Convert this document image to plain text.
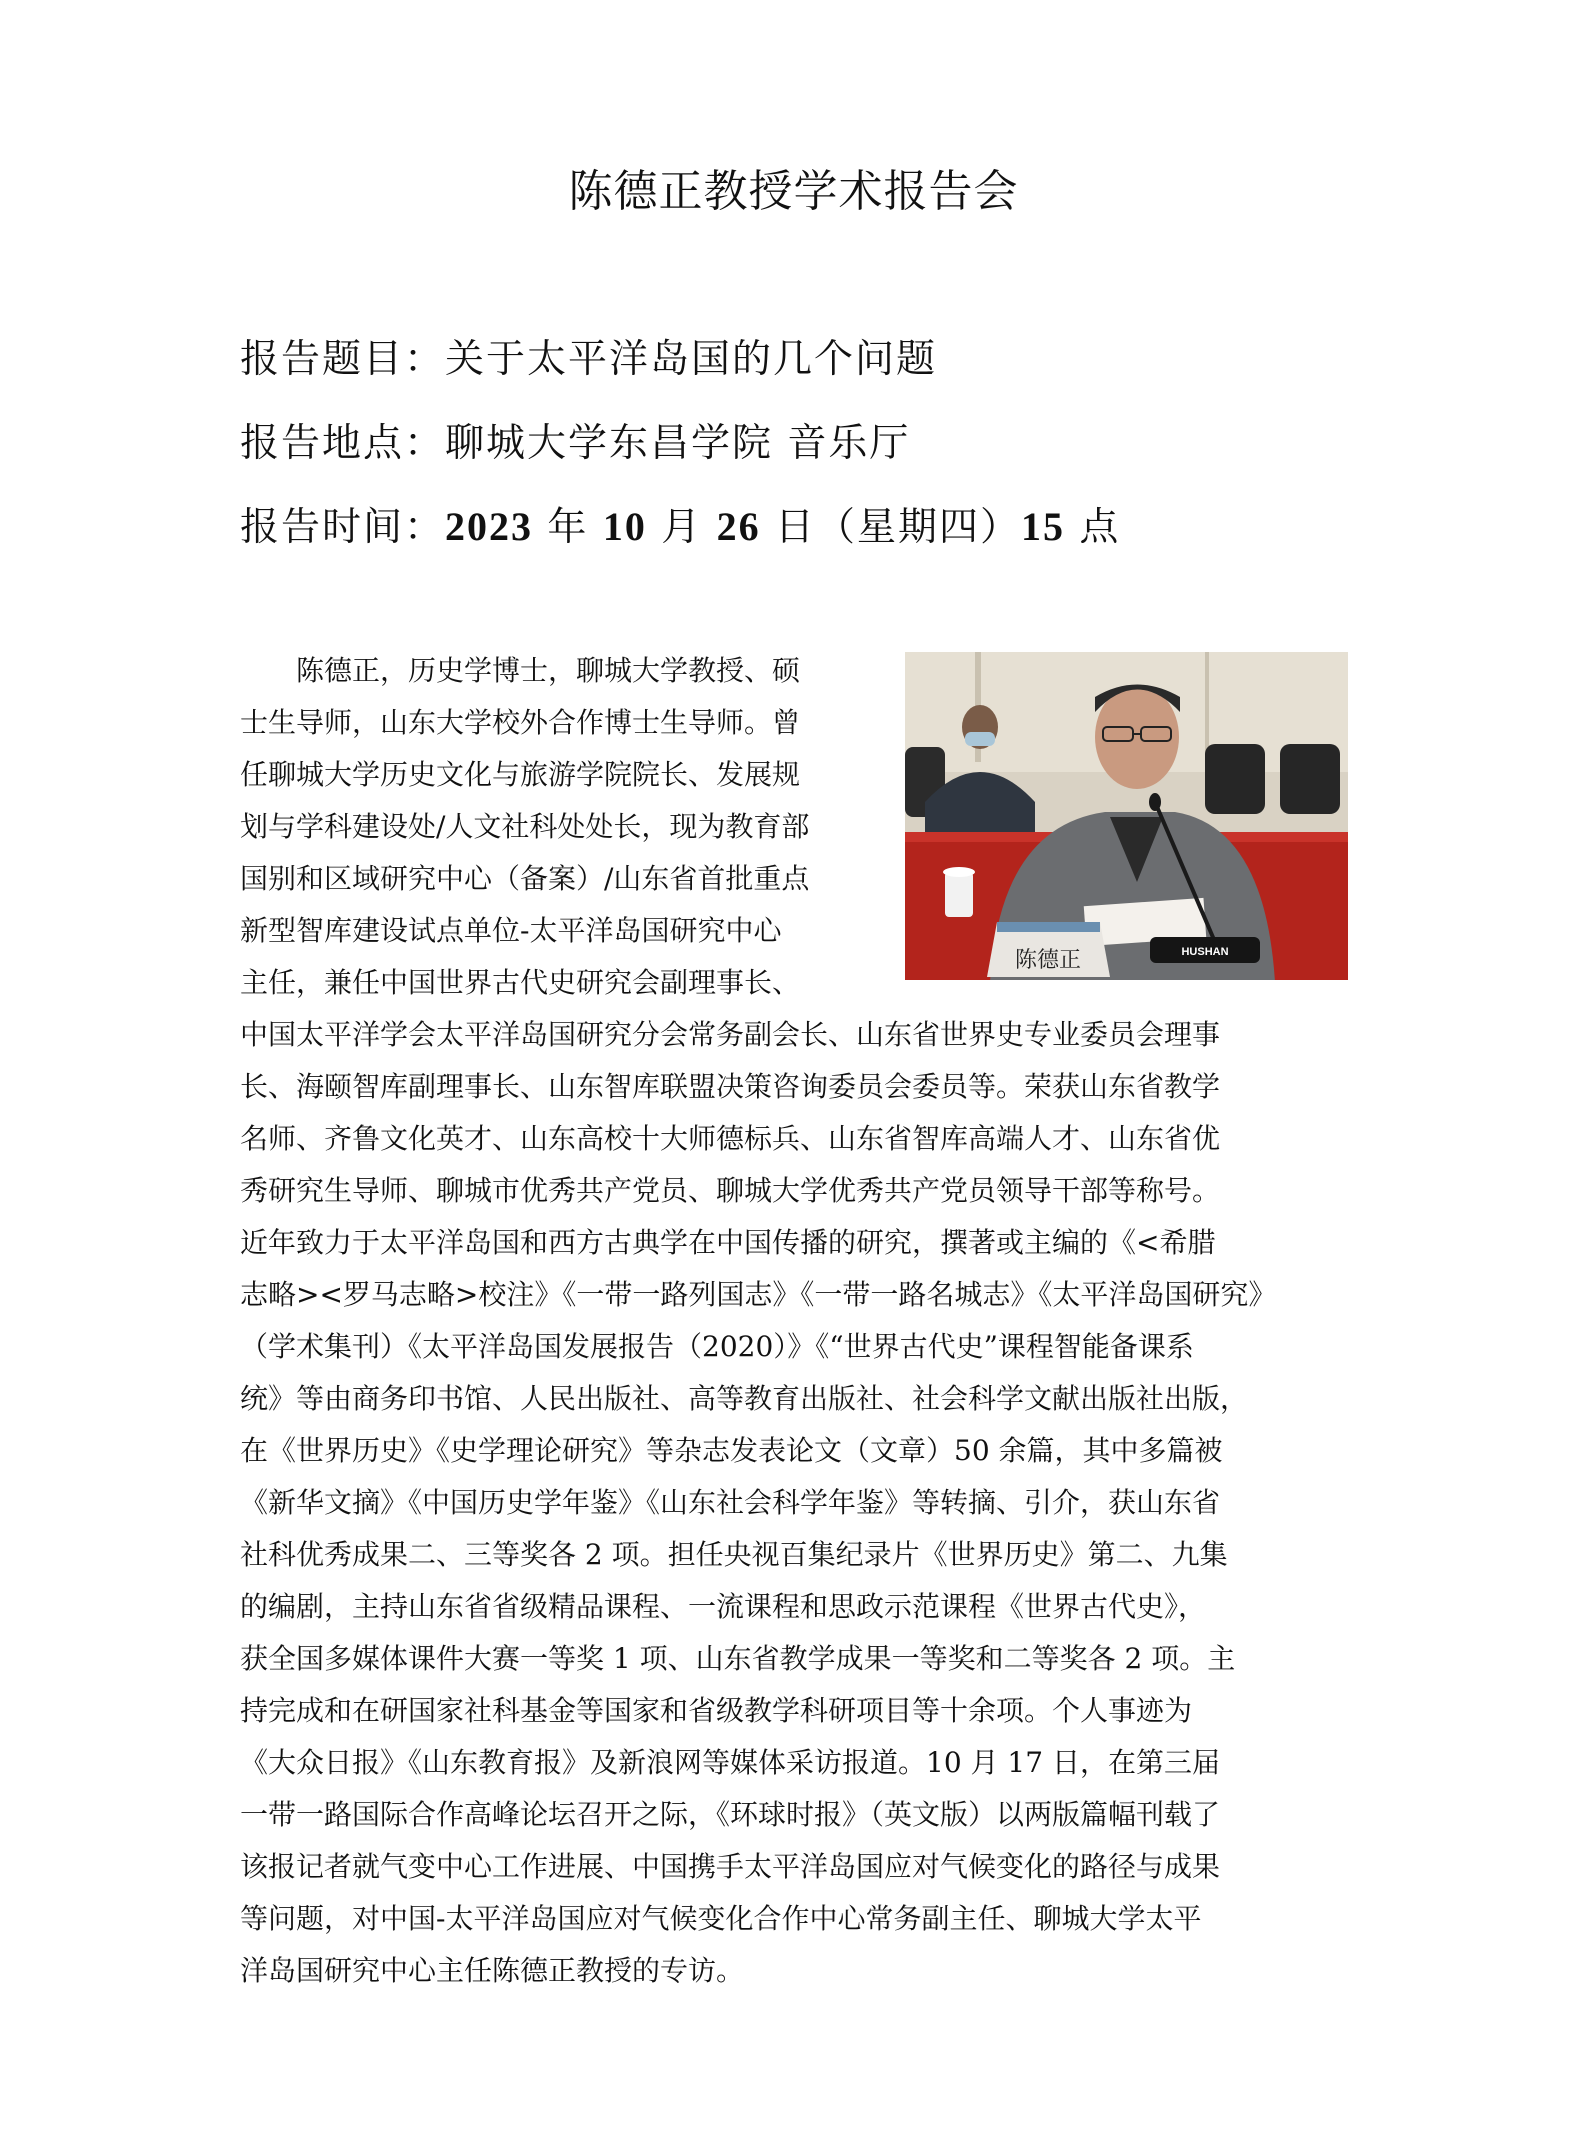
陈德正教授学术报告会
报告题目：关于太平洋岛国的几个问题
报告地点：聊城大学东昌学院 音乐厅
报告时间：2023 年 10 月 26 日（星期四）15 点
HUSHAN
陈德正
　　陈德正，历史学博士，聊城大学教授、硕
士生导师，山东大学校外合作博士生导师。曾
任聊城大学历史文化与旅游学院院长、发展规
划与学科建设处/人文社科处处长，现为教育部
国别和区域研究中心（备案）/山东省首批重点
新型智库建设试点单位-太平洋岛国研究中心
主任，兼任中国世界古代史研究会副理事长、
中国太平洋学会太平洋岛国研究分会常务副会长、山东省世界史专业委员会理事
长、海颐智库副理事长、山东智库联盟决策咨询委员会委员等。荣获山东省教学
名师、齐鲁文化英才、山东高校十大师德标兵、山东省智库高端人才、山东省优
秀研究生导师、聊城市优秀共产党员、聊城大学优秀共产党员领导干部等称号。
近年致力于太平洋岛国和西方古典学在中国传播的研究，撰著或主编的《<希腊
志略><罗马志略>校注》《一带一路列国志》《一带一路名城志》《太平洋岛国研究》
（学术集刊）《太平洋岛国发展报告（2020）》《“世界古代史”课程智能备课系
统》等由商务印书馆、人民出版社、高等教育出版社、社会科学文献出版社出版，
在《世界历史》《史学理论研究》等杂志发表论文（文章）50 余篇，其中多篇被
《新华文摘》《中国历史学年鉴》《山东社会科学年鉴》等转摘、引介，获山东省
社科优秀成果二、三等奖各 2 项。担任央视百集纪录片《世界历史》第二、九集
的编剧，主持山东省省级精品课程、一流课程和思政示范课程《世界古代史》，
获全国多媒体课件大赛一等奖 1 项、山东省教学成果一等奖和二等奖各 2 项。主
持完成和在研国家社科基金等国家和省级教学科研项目等十余项。个人事迹为
《大众日报》《山东教育报》及新浪网等媒体采访报道。10 月 17 日，在第三届
一带一路国际合作高峰论坛召开之际，《环球时报》（英文版）以两版篇幅刊载了
该报记者就气变中心工作进展、中国携手太平洋岛国应对气候变化的路径与成果
等问题，对中国-太平洋岛国应对气候变化合作中心常务副主任、聊城大学太平
洋岛国研究中心主任陈德正教授的专访。
